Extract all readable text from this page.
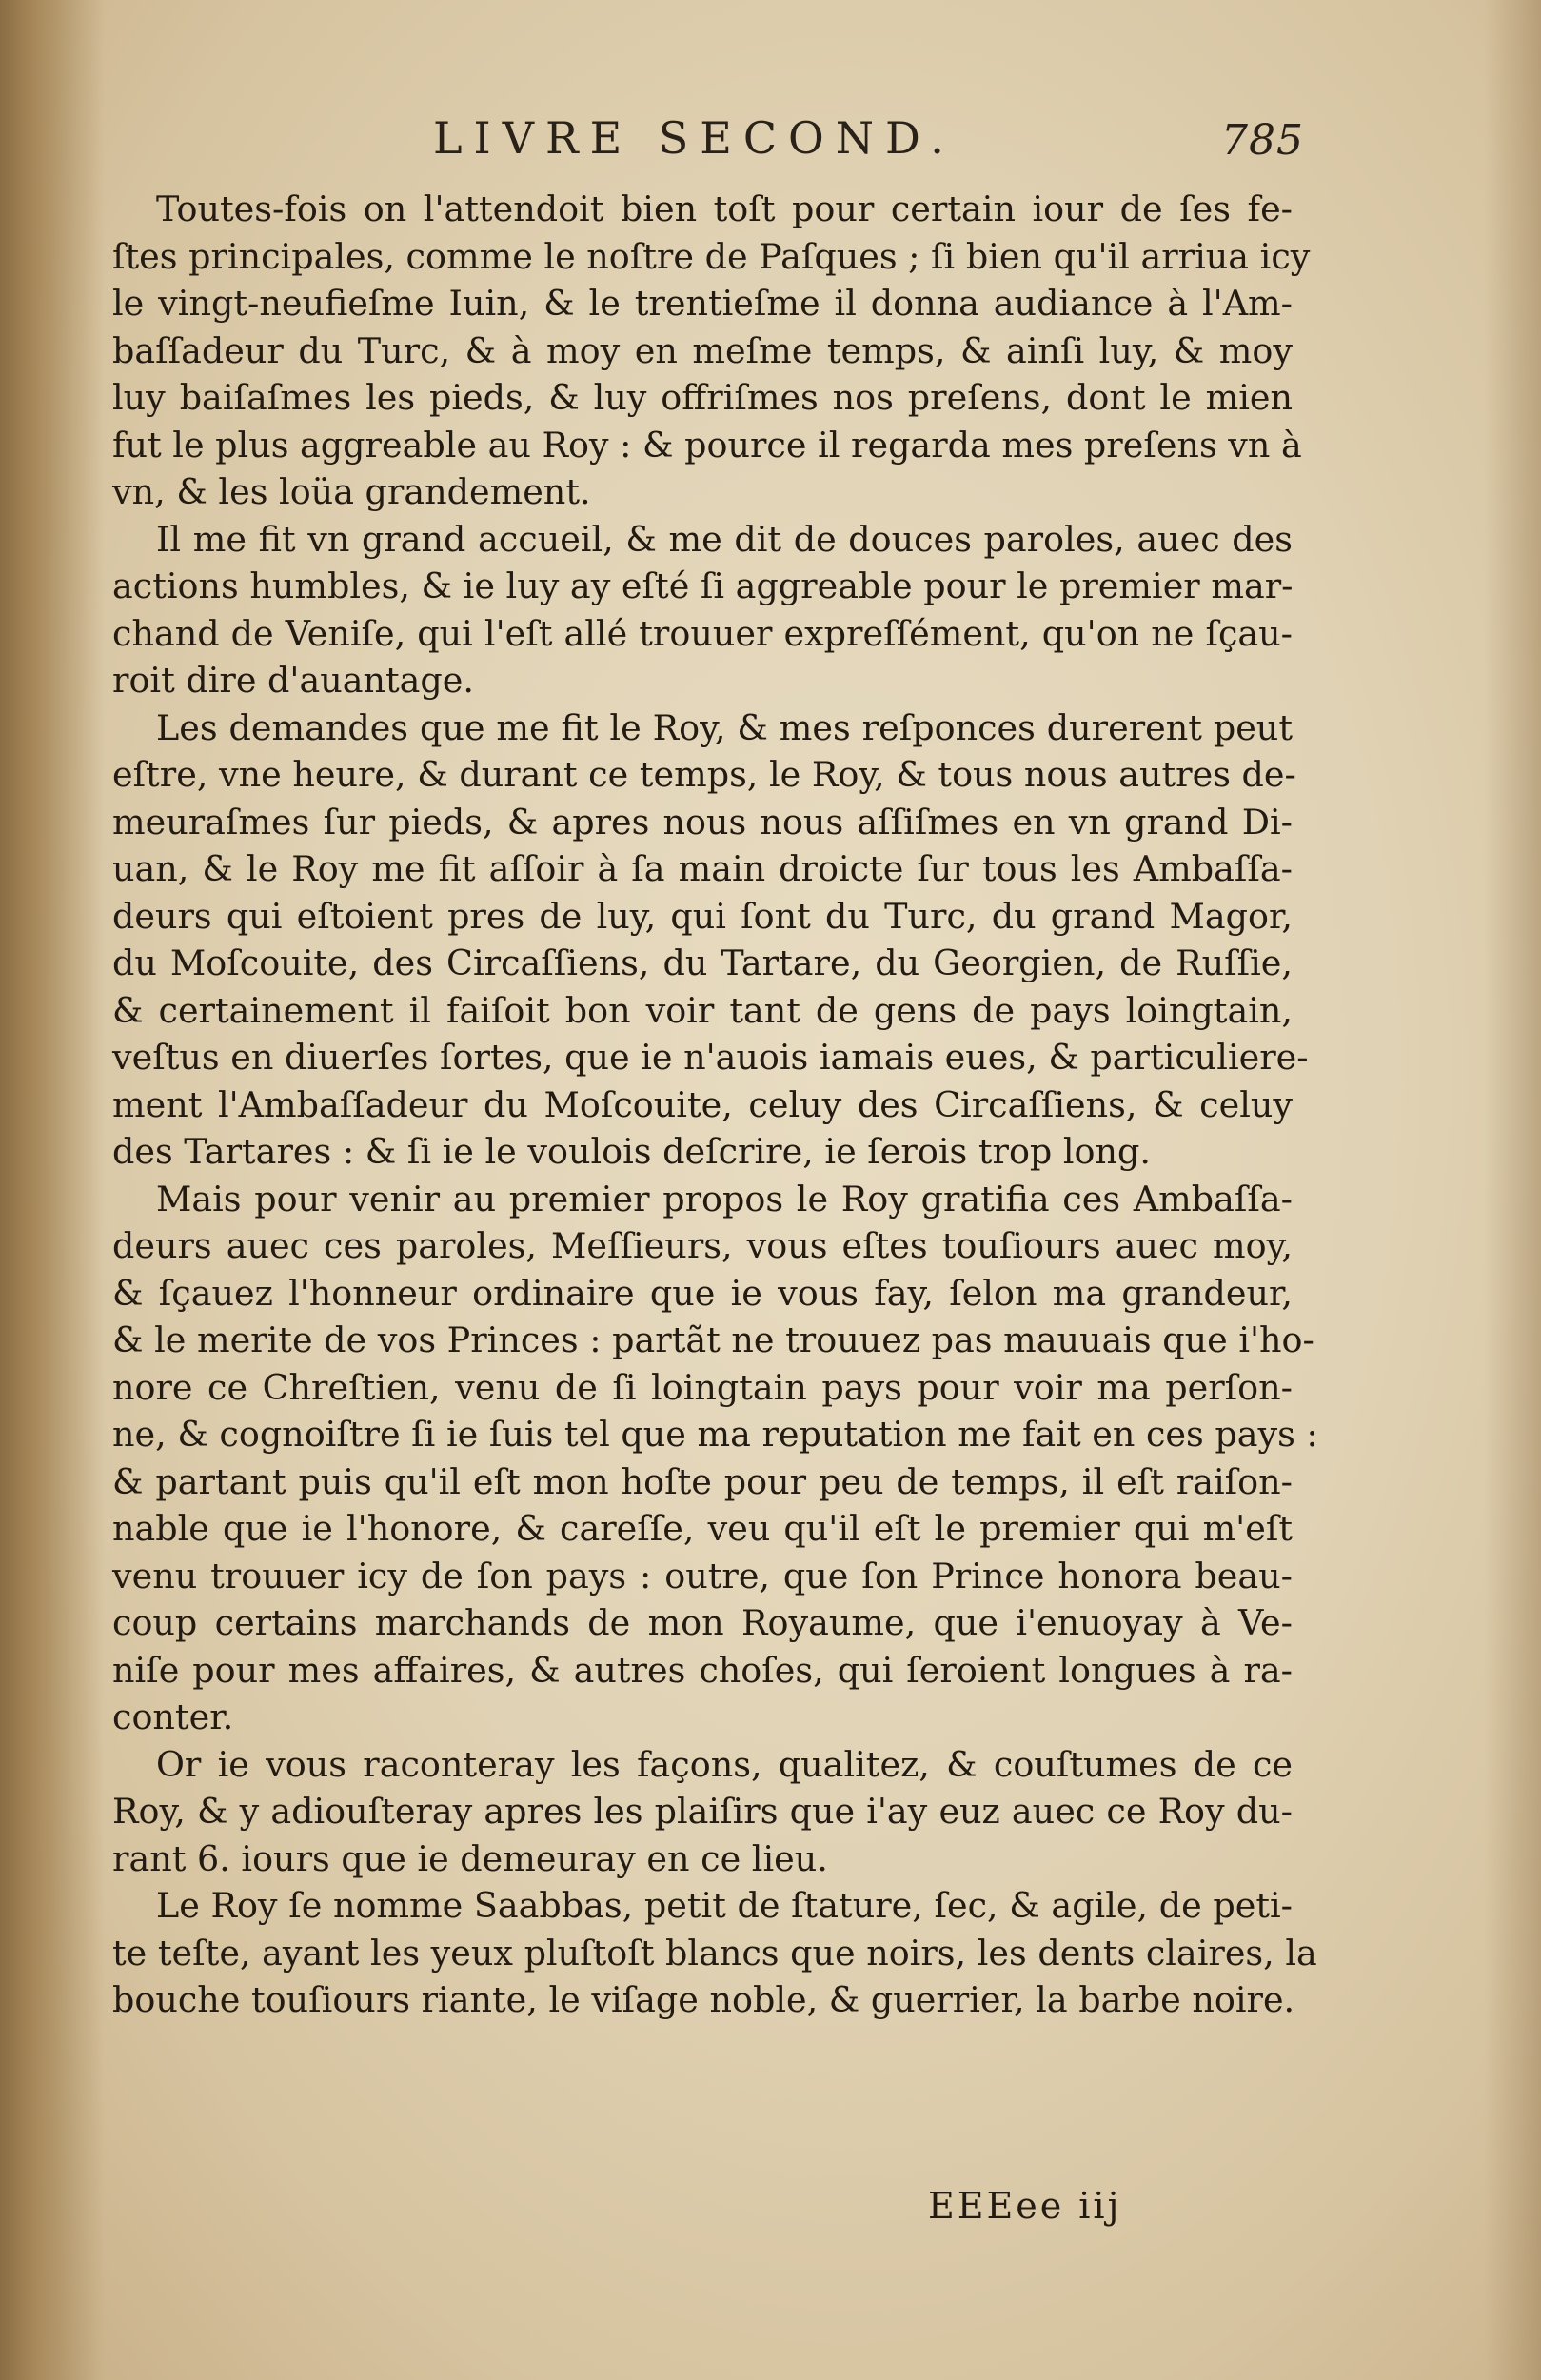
LIVRE SECOND.	785
Toutes-fois on l'attendoit bien toſt pour certain iour de ſes fe-
ſtes principales, comme le noſtre de Paſques ; ſi bien qu'il arriua icy
le vingt-neufieſme Iuin, & le trentieſme il donna audiance à l'Am-
baſſadeur du Turc, & à moy en meſme temps, & ainſi luy, & moy
luy baiſaſmes les pieds, & luy offriſmes nos preſens, dont le mien
fut le plus aggreable au Roy : & pource il regarda mes preſens vn à
vn, & les loüa grandement.
Il me fit vn grand accueil, & me dit de douces paroles, auec des
actions humbles, & ie luy ay eſté ſi aggreable pour le premier mar-
chand de Veniſe, qui l'eſt allé trouuer expreſſément, qu'on ne ſçau-
roit dire d'auantage.
Les demandes que me fit le Roy, & mes reſponces durerent peut
eſtre, vne heure, & durant ce temps, le Roy, & tous nous autres de-
meuraſmes ſur pieds, & apres nous nous aſſiſmes en vn grand Di-
uan, & le Roy me fit aſſoir à ſa main droicte ſur tous les Ambaſſa-
deurs qui eſtoient pres de luy, qui ſont du Turc, du grand Magor,
du Moſcouite, des Circaſſiens, du Tartare, du Georgien, de Ruſſie,
& certainement il faiſoit bon voir tant de gens de pays loingtain,
veſtus en diuerſes ſortes, que ie n'auois iamais eues, & particuliere-
ment l'Ambaſſadeur du Moſcouite, celuy des Circaſſiens, & celuy
des Tartares : & ſi ie le voulois deſcrire, ie ſerois trop long.
Mais pour venir au premier propos le Roy gratifia ces Ambaſſa-
deurs auec ces paroles, Meſſieurs, vous eſtes touſiours auec moy,
& ſçauez l'honneur ordinaire que ie vous fay, ſelon ma grandeur,
& le merite de vos Princes : partãt ne trouuez pas mauuais que i'ho-
nore ce Chreſtien, venu de ſi loingtain pays pour voir ma perſon-
ne, & cognoiſtre ſi ie ſuis tel que ma reputation me fait en ces pays :
& partant puis qu'il eſt mon hoſte pour peu de temps, il eſt raiſon-
nable que ie l'honore, & careſſe, veu qu'il eſt le premier qui m'eſt
venu trouuer icy de ſon pays : outre, que ſon Prince honora beau-
coup certains marchands de mon Royaume, que i'enuoyay à Ve-
niſe pour mes affaires, & autres choſes, qui ſeroient longues à ra-
conter.
Or ie vous raconteray les façons, qualitez, & couſtumes de ce
Roy, & y adiouſteray apres les plaiſirs que i'ay euz auec ce Roy du-
rant 6. iours que ie demeuray en ce lieu.
Le Roy ſe nomme Saabbas, petit de ſtature, ſec, & agile, de peti-
te teſte, ayant les yeux pluſtoſt blancs que noirs, les dents claires, la
bouche touſiours riante, le viſage noble, & guerrier, la barbe noire.
EEEee iij
